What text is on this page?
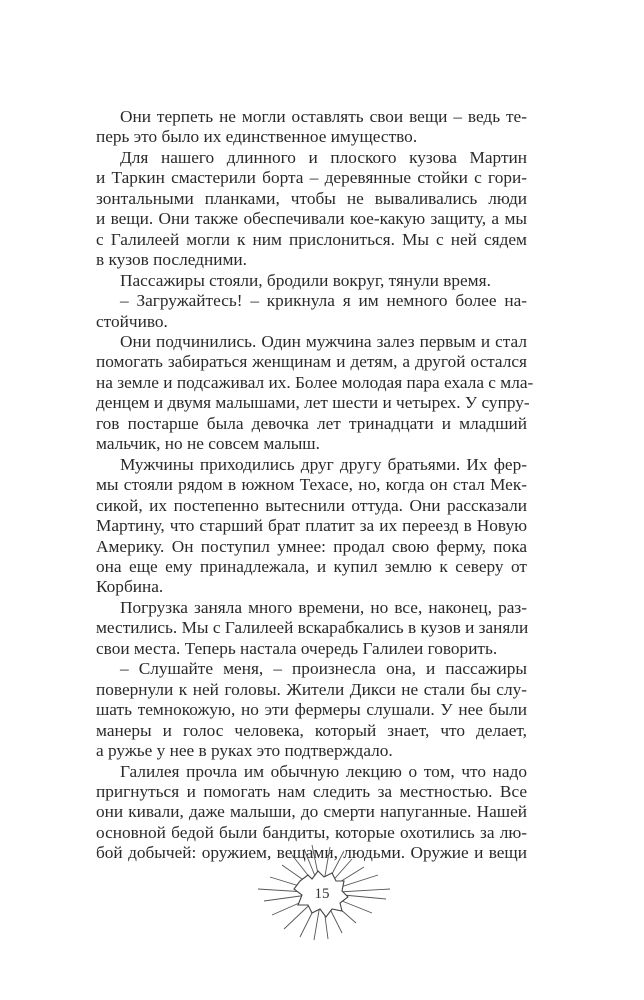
Они терпеть не могли оставлять свои вещи – ведь те-
перь это было их единственное имущество.
Для нашего длинного и плоского кузова Мартин
и Таркин смастерили борта – деревянные стойки с гори-
зонтальными планками, чтобы не вываливались люди
и вещи. Они также обеспечивали кое-какую защиту, а мы
с Галилеей могли к ним прислониться. Мы с ней сядем
в кузов последними.
Пассажиры стояли, бродили вокруг, тянули время.
– Загружайтесь! – крикнула я им немного более на-
стойчиво.
Они подчинились. Один мужчина залез первым и стал
помогать забираться женщинам и детям, а другой остался
на земле и подсаживал их. Более молодая пара ехала с мла-
денцем и двумя малышами, лет шести и четырех. У супру-
гов постарше была девочка лет тринадцати и младший
мальчик, но не совсем малыш.
Мужчины приходились друг другу братьями. Их фер-
мы стояли рядом в южном Техасе, но, когда он стал Мек-
сикой, их постепенно вытеснили оттуда. Они рассказали
Мартину, что старший брат платит за их переезд в Новую
Америку. Он поступил умнее: продал свою ферму, пока
она еще ему принадлежала, и купил землю к северу от
Корбина.
Погрузка заняла много времени, но все, наконец, раз-
местились. Мы с Галилеей вскарабкались в кузов и заняли
свои места. Теперь настала очередь Галилеи говорить.
– Слушайте меня, – произнесла она, и пассажиры
повернули к ней головы. Жители Дикси не стали бы слу-
шать темнокожую, но эти фермеры слушали. У нее были
манеры и голос человека, который знает, что делает,
а ружье у нее в руках это подтверждало.
Галилея прочла им обычную лекцию о том, что надо
пригнуться и помогать нам следить за местностью. Все
они кивали, даже малыши, до смерти напуганные. Нашей
основной бедой были бандиты, которые охотились за лю-
бой добычей: оружием, вещами, людьми. Оружие и вещи
15
